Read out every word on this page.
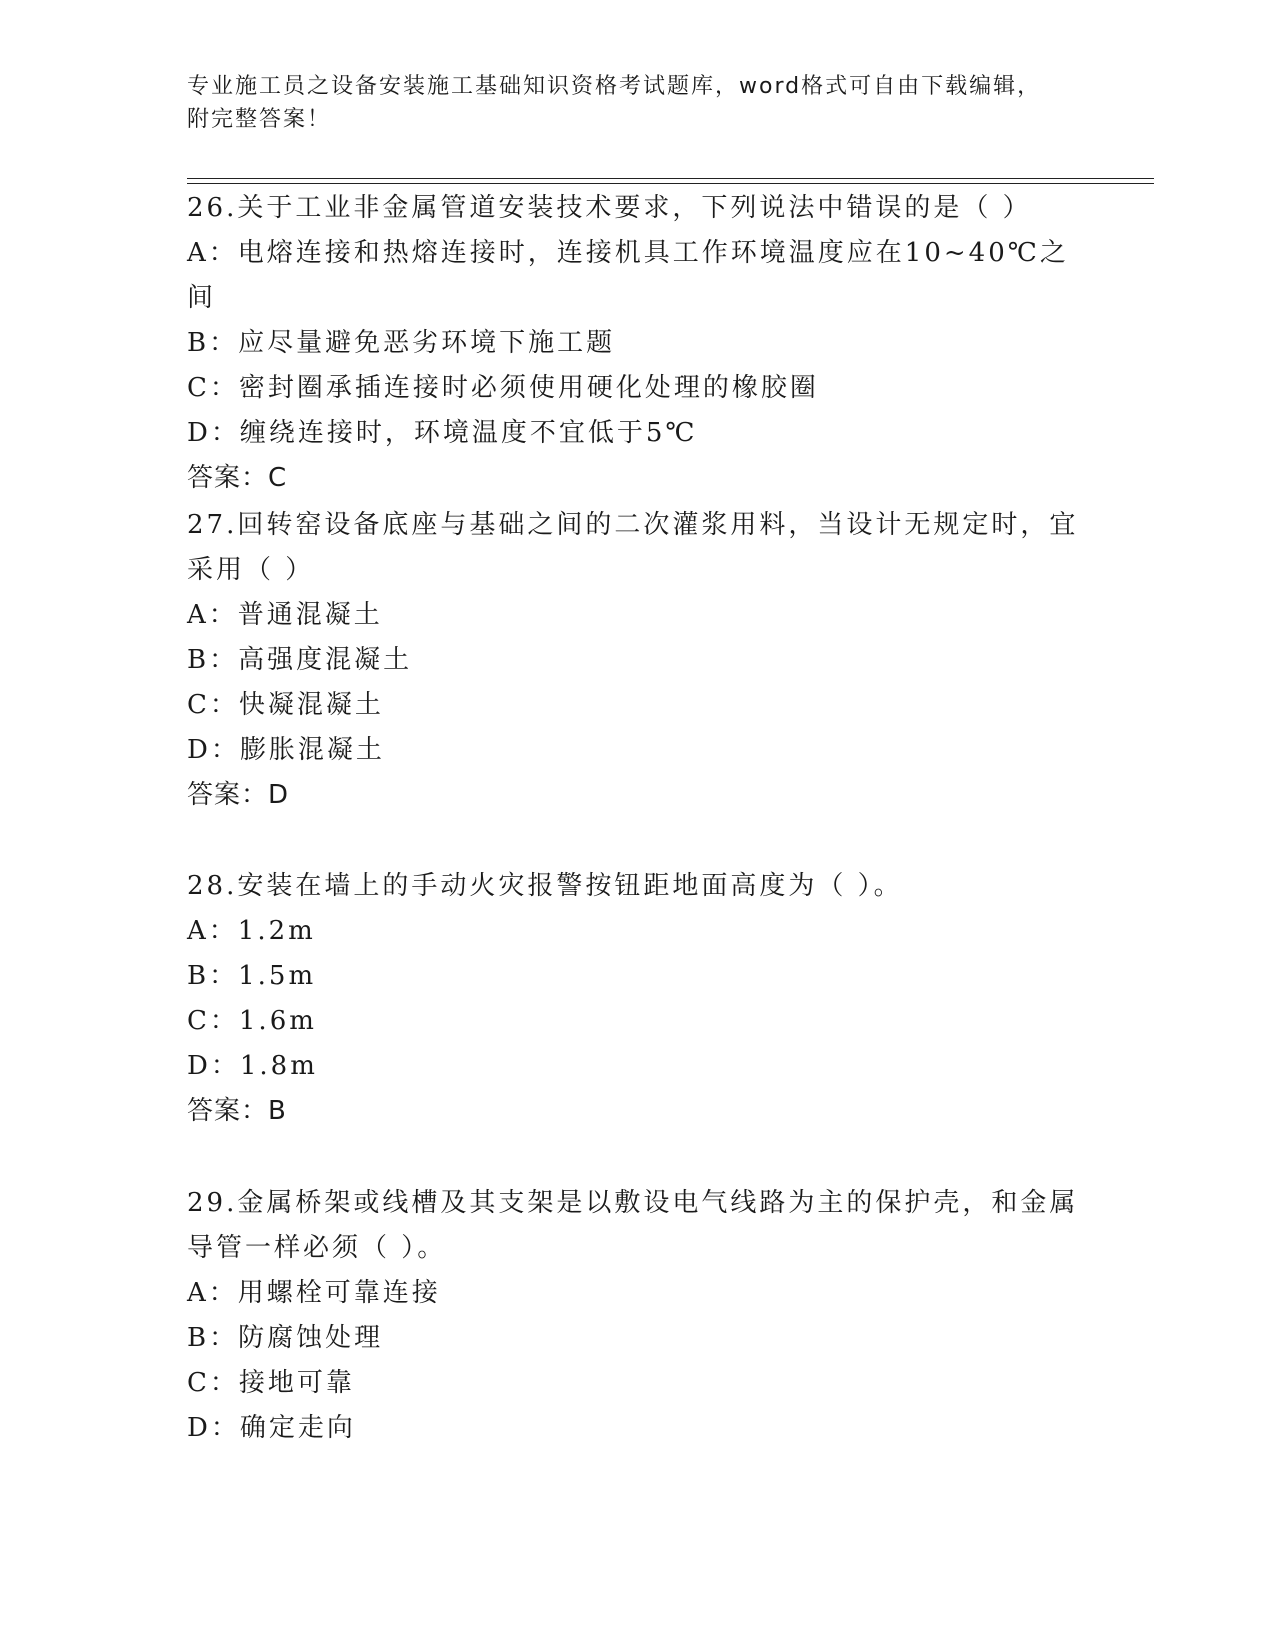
专业施工员之设备安装施工基础知识资格考试题库，word格式可自由下载编辑，
附完整答案！
26.关于工业非金属管道安装技术要求，下列说法中错误的是（ ）
A：电熔连接和热熔连接时，连接机具工作环境温度应在10~40℃之间
B：应尽量避免恶劣环境下施工题
C：密封圈承插连接时必须使用硬化处理的橡胶圈
D：缠绕连接时，环境温度不宜低于5℃
答案：C
27.回转窑设备底座与基础之间的二次灌浆用料，当设计无规定时，宜
采用（ ）
A：普通混凝土
B：高强度混凝土
C：快凝混凝土
D：膨胀混凝土
答案：D
28.安装在墙上的手动火灾报警按钮距地面高度为（ ）。
A：1.2m
B：1.5m
C：1.6m
D：1.8m
答案：B
29.金属桥架或线槽及其支架是以敷设电气线路为主的保护壳，和金属
导管一样必须（ ）。
A：用螺栓可靠连接
B：防腐蚀处理
C：接地可靠
D：确定走向
